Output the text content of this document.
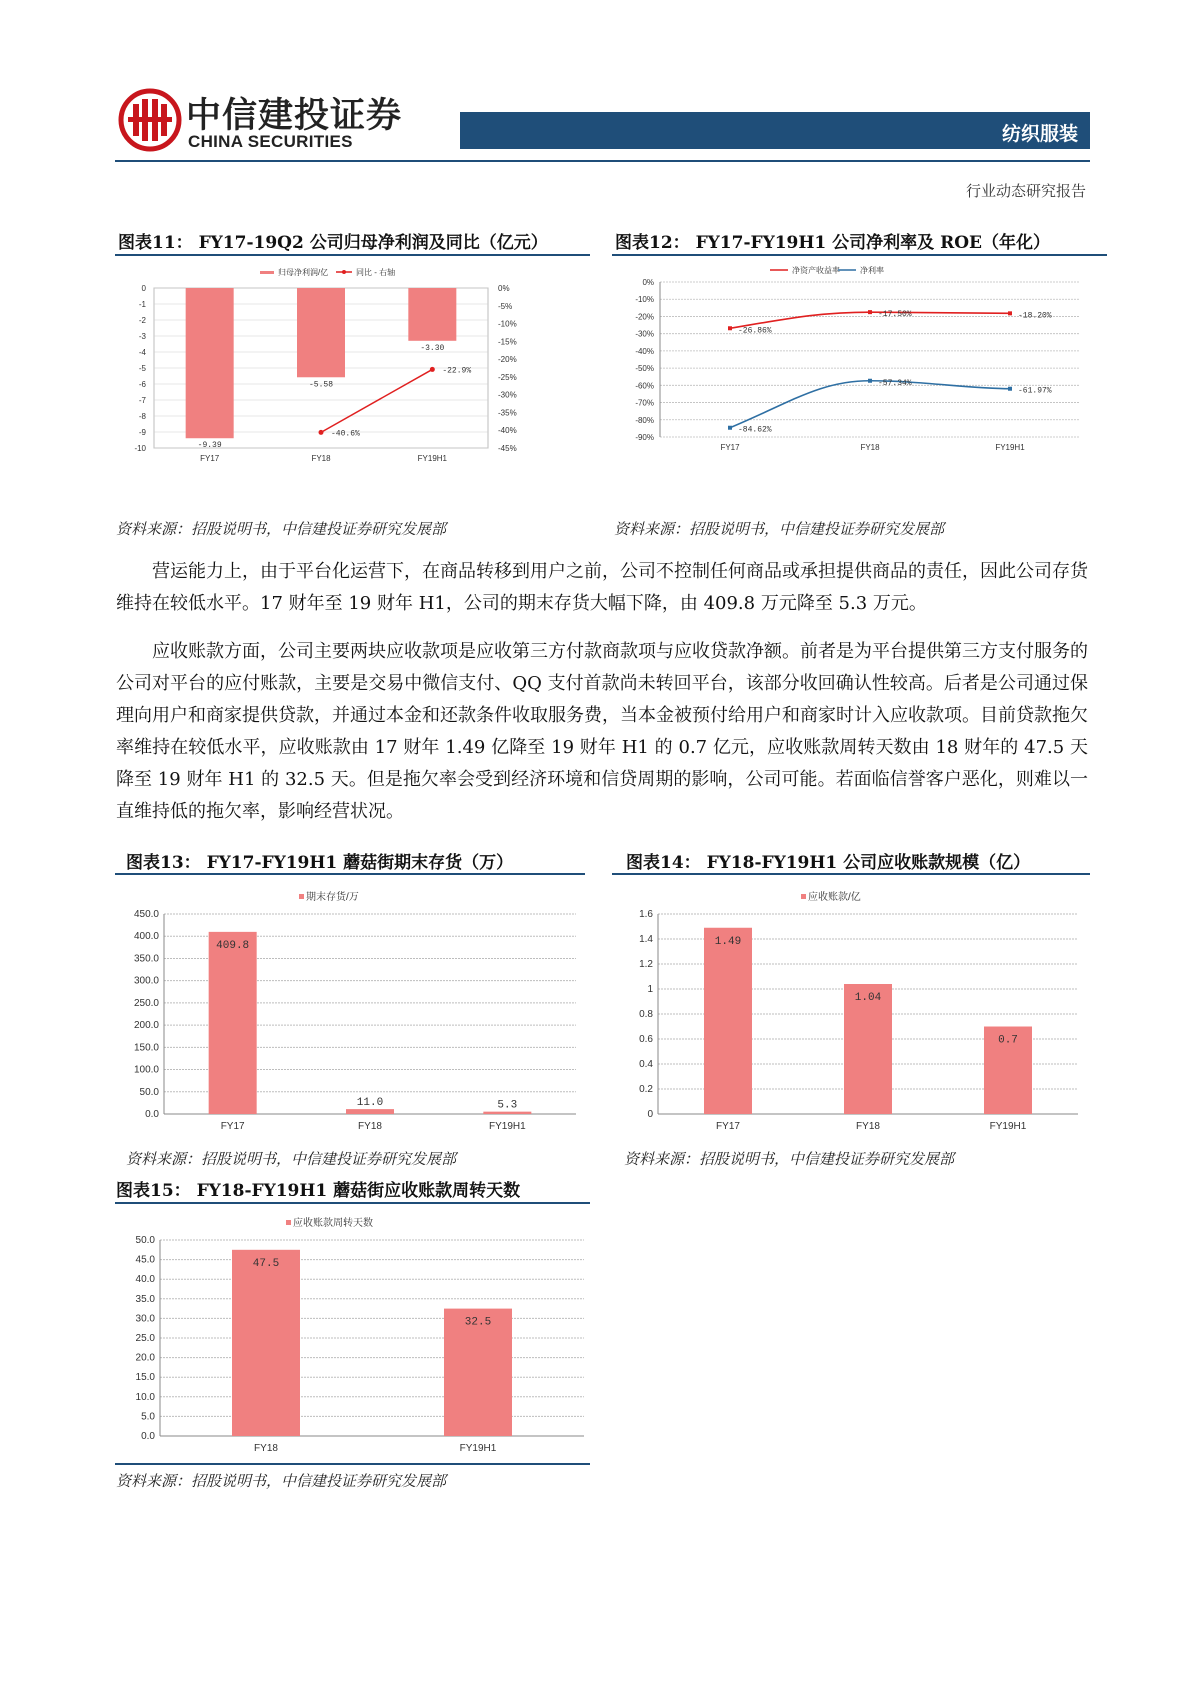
中信建投证券
CHINA SECURITIES	纺织服装
行业动态研究报告
图表11： FY17-19Q2 公司归母净利润及同比（亿元）
归母净利润/亿	同比 - 右轴
0
-1
-2
-3
-4
-5
-6
-7
-8
-9
-10
0%
-5%
-10%
-15%
-20%
-25%
-30%
-35%
-40%
-45%
-9.39
FY17
-5.58
FY18
-3.30
FY19H1
-40.6%
-22.9%
资料来源：招股说明书，中信建投证券研究发展部
图表12： FY17-FY19H1 公司净利率及 ROE（年化）
净资产收益率	净利率
0%
-10%
-20%
-30%
-40%
-50%
-60%
-70%
-80%
-90%
FY17	FY18	FY19H1
-26.86%
-17.50%	-18.20%
-84.62%
-57.34%
-61.97%
资料来源：招股说明书，中信建投证券研究发展部
营运能力上，由于平台化运营下，在商品转移到用户之前，公司不控制任何商品或承担提供商品的责任，因此公司存货维持在较低水平。17 财年至 19 财年 H1，公司的期末存货大幅下降，由 409.8 万元降至 5.3 万元。
应收账款方面，公司主要两块应收款项是应收第三方付款商款项与应收贷款净额。前者是为平台提供第三方支付服务的公司对平台的应付账款，主要是交易中微信支付、QQ 支付首款尚未转回平台，该部分收回确认性较高。后者是公司通过保理向用户和商家提供贷款，并通过本金和还款条件收取服务费，当本金被预付给用户和商家时计入应收款项。目前贷款拖欠率维持在较低水平，应收账款由 17 财年 1.49 亿降至 19 财年 H1 的 0.7 亿元，应收账款周转天数由 18 财年的 47.5 天降至 19 财年 H1 的 32.5 天。但是拖欠率会受到经济环境和信贷周期的影响，公司可能。若面临信誉客户恶化，则难以一直维持低的拖欠率，影响经营状况。
图表13： FY17-FY19H1 蘑菇街期末存货（万）
期末存货/万
450.0
400.0
350.0
300.0
250.0
200.0
150.0
100.0
50.0
0.0
409.8
FY17
11.0
FY18
5.3
FY19H1
资料来源：招股说明书，中信建投证券研究发展部
图表14： FY18-FY19H1 公司应收账款规模（亿）
应收账款/亿
1.6
1.4
1.2
1
0.8
0.6
0.4
0.2
0
1.49
FY17
1.04
FY18
0.7
FY19H1
资料来源：招股说明书，中信建投证券研究发展部
图表15： FY18-FY19H1 蘑菇街应收账款周转天数
应收账款周转天数
50.0
45.0
40.0
35.0
30.0
25.0
20.0
15.0
10.0
5.0
0.0
47.5
FY18
32.5
FY19H1
资料来源：招股说明书，中信建投证券研究发展部
